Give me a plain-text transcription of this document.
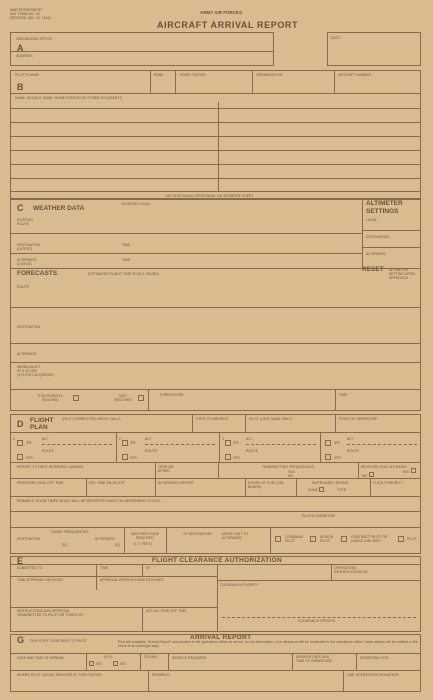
WAR DEPARTMENT
AAF FORM NO. 23
(REVISED JAN. 15, 1944)
ARMY AIR FORCES
AIRCRAFT ARRIVAL REPORT
ORIGINATING OFFICE
A
ADDRESS
DATE
PILOT'S NAME
B
RANK	HOME STATION	ORGANIZATION	AIRCRAFT NUMBER
NAME, INITIALS, RANK, HOME STATION OF OTHER OCCUPANTS
LIST ADDITIONAL PERSONNEL ON SEPARATE SHEET
C WEATHER DATA
EXISTING LOCAL
EXISTING ROUTE
DESTINATION (LATEST)
TIME
ALTERNATE (LATEST)
TIME
FORECASTS	(ESTIMATED FLIGHT TIME PLUS 2 HOURS)
ROUTE
DESTINATION
ALTERNATE
WINDS ALOFT
AT 5 10 15M
(4 FLIGHT ACQUIRED)
ETA FROM ETA REACHED
NOT RECEIVED
FORECASTER	TIME
ALTIMETER SETTINGS
LOCAL
DESTINATION
ALTERNATE
RESET ALTIMETER SETTING UPON APPROACH
D FLIGHT PLAN
(PILOT COMPLETES) RADIO CALLS	TYPE OF AIRCRAFT	PILOT (LAST NAME ONLY)	POINT OF DEPARTURE
1
IFR
ALT.
ROUTE
VFR
2
IFR
ALT.
ROUTE
VFR
3
IFR
ALT.
ROUTE
VFR
IFR
ALT.
ROUTE
VFR
REPORT TO FIRST INTERMED LANDING	TRUE AIR SPEED
TRANSMITTING FREQUENCIES
YES
NO
RECEIVED ONLY NO RADIO
YES
NO
PROPOSED TAKE-OFF TIME	EST. TIME EN-ROUTE	ALTERNATE AIRPORT	HOURS OF FUEL (ON BOARD)
INSTRUMENT RATING
NONE	TYPE
FLIGHT PRIORITY
REMARKS: SHOW TIMES WHICH WILL BE REPORTED WHILE ON INSTRUMENT FLIGHT.
PILOTS SIGNATURE
TOWER FREQUENCIES
DESTINATION	ALTERNATE
SQ.	SQ.
WEATHER CODE RECEIVED
(L.T. FEET)
TO DESTINATION	MILES EAST TO ALTERNATE	COMMAND PILOT
SENIOR PILOT
CONTRACT PILOT OR CARGO AIRCRAFT	PILOT
E	FLIGHT CLEARANCE AUTHORIZATION
SUBMITTED TO	TIME	BY	OPERATIONS IDENTIFICATION NO.
TIME APPROVAL RECEIVED	APPROVAL INSTRUCTIONS RECEIVED
CLEARING AUTHORITY
INSTRUCTIONS AND APPROVAL TRANSMITTED TO PILOT OR TOWER BY
ACTUAL TAKE-OFF TIME
CLEARANCE OFFICER
G THIS COPY TO BE SENT TO PILOT.	ARRIVAL REPORT
Pilot will complete "Arrival Report" and present to the operations office on arrival, for his information. Line clearance will be forwarded to the operations office. Home station will be notified in the event of an overnight stop.
DATE AND TIME OF ARRIVAL	R.O.L.
VIS	IVS
CEILING	SERVICE REQUIRED	DESIRED DATE AND TIME OF DEPARTURE
DEPARTING FOR
WHERE PILOT CAN BE REACHED AT THIS STATION	REMARKS:	LINE OPERATIONS SIGNATURE
